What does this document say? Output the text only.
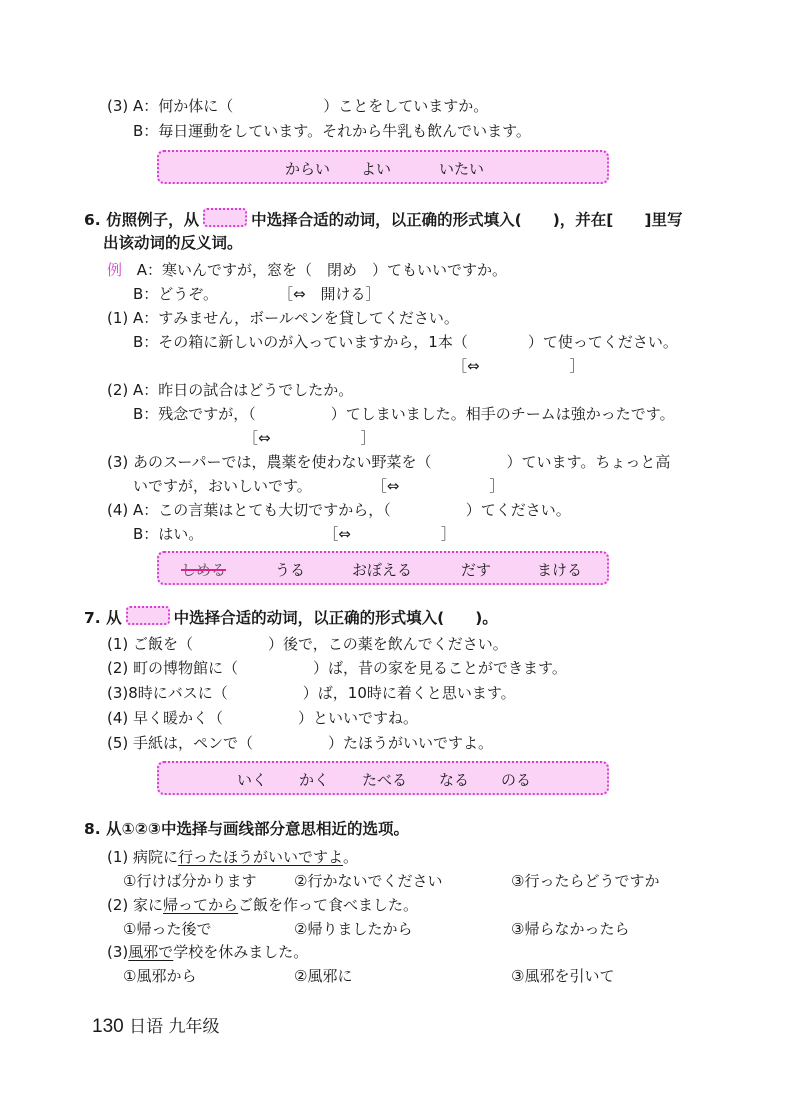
(3) A：何か体に（　　　　　　）ことをしていますか。
B：毎日運動をしています。それから牛乳も飲んでいます。
からい よい	いたい
6. 仿照例子，从	中选择合适的动词，以正确的形式填入(　　)，并在[　　]里写
出该动词的反义词。
例 A：寒いんですが，窓を（　閉め　）てもいいですか。
B：どうぞ。　　　　　［⇔　開ける］
(1) A：すみません，ボールペンを貸してください。
B：その箱に新しいのが入っていますから，1本（　　　　）て使ってください。
［⇔　　　　　　］
(2) A：昨日の試合はどうでしたか。
B：残念ですが，（　　　　　）てしまいました。相手のチームは強かったです。
［⇔　　　　　　］
(3) あのスーパーでは，農薬を使わない野菜を（　　　　　）ています。ちょっと高
いですが，おいしいです。　　　　　［⇔　　　　　　］
(4) A：この言葉はとても大切ですから，（　　　　　）てください。
B：はい。　　　　　　　　　［⇔　　　　　　］
しめる	うる	おぼえる	だす	まける
7. 从	中选择合适的动词，以正确的形式填入(　　)。
(1) ご飯を（　　　　　）後で，この薬を飲んでください。
(2) 町の博物館に（　　　　　）ば，昔の家を見ることができます。
(3)8時にバスに（　　　　　）ば，10時に着くと思います。
(4) 早く暖かく（　　　　　）といいですね。
(5) 手紙は，ペンで（　　　　　）たほうがいいですよ。
いく かく たべる なる のる
8. 从①②③中选择与画线部分意思相近的选项。
(1) 病院に行ったほうがいいですよ。
①行けば分かります	②行かないでください	③行ったらどうですか
(2) 家に帰ってからご飯を作って食べました。
①帰った後で	②帰りましたから	③帰らなかったら
(3)風邪で学校を休みました。
①風邪から	②風邪に	③風邪を引いて
130 日语 九年级
